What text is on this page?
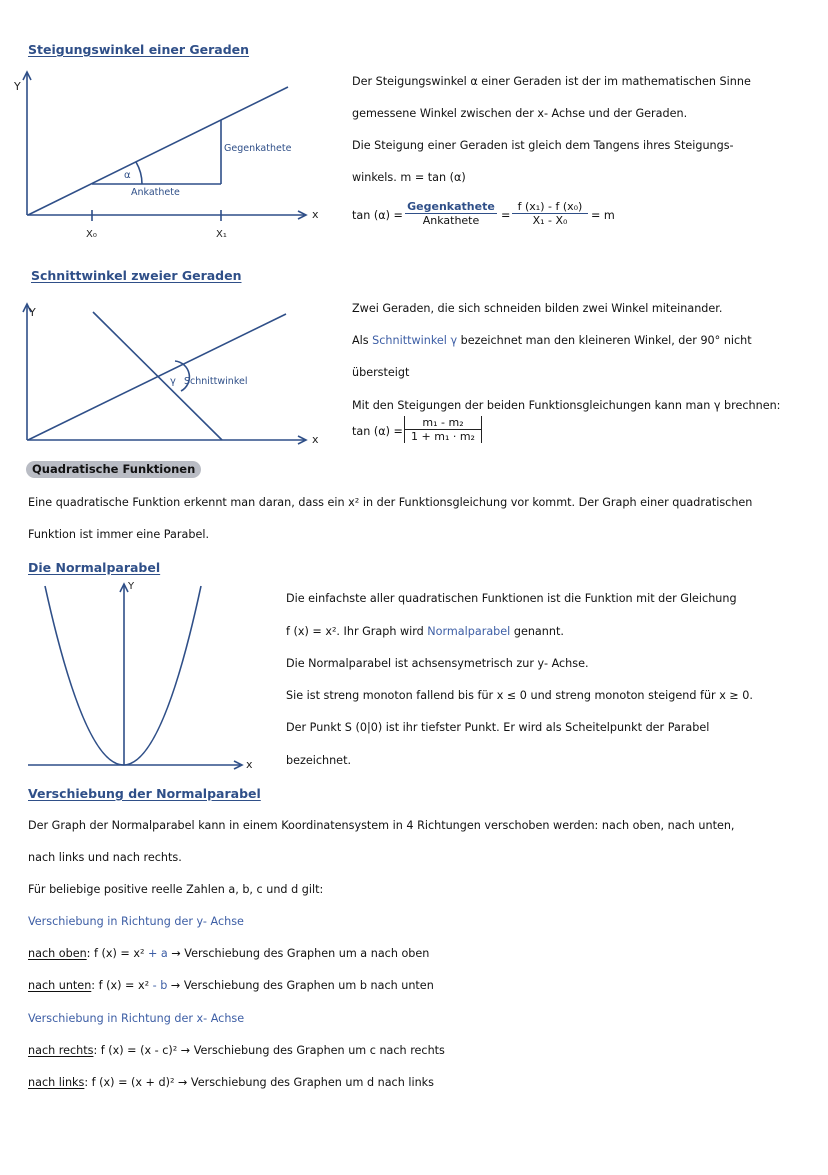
Steigungswinkel einer Geraden
Y
x
α
Gegenkathete
Ankathete
X₀	X₁
Der Steigungswinkel α einer Geraden ist der im mathematischen Sinne
gemessene Winkel zwischen der x- Achse und der Geraden.
Die Steigung einer Geraden ist gleich dem Tangens ihres Steigungs-
winkels. m = tan (α)
tan (α) =
Gegenkathete
Ankathete	= $\frac{\text{f (x₁) - f (x₀)}}{\text{X₁ - X₀}} = m$
Schnittwinkel zweier Geraden
Y
x
γ Schnittwinkel
Zwei Geraden, die sich schneiden bilden zwei Winkel miteinander.
Als Schnittwinkel γ bezeichnet man den kleineren Winkel, der 90° nicht
übersteigt
Mit den Steigungen der beiden Funktionsgleichungen kann man γ brechnen:
$\tan (\alpha) = \frac{\text{m₁ - m₂}}{\text{1 + m₁ · m₂}}$
Quadratische Funktionen
Eine quadratische Funktion erkennt man daran, dass ein x² in der Funktionsgleichung vor kommt. Der Graph einer quadratischen
Funktion ist immer eine Parabel.
Die Normalparabel
Y
x
Die einfachste aller quadratischen Funktionen ist die Funktion mit der Gleichung
f (x) = x². Ihr Graph wird Normalparabel genannt.
Die Normalparabel ist achsensymetrisch zur y- Achse.
Sie ist streng monoton fallend bis für x ≤ 0 und streng monoton steigend für x ≥ 0.
Der Punkt S (0|0) ist ihr tiefster Punkt. Er wird als Scheitelpunkt der Parabel
bezeichnet.
Verschiebung der Normalparabel
Der Graph der Normalparabel kann in einem Koordinatensystem in 4 Richtungen verschoben werden: nach oben, nach unten,
nach links und nach rechts.
Für beliebige positive reelle Zahlen a, b, c und d gilt:
Verschiebung in Richtung der y- Achse
nach oben: f (x) = x² + a → Verschiebung des Graphen um a nach oben
nach unten: f (x) = x² - b → Verschiebung des Graphen um b nach unten
Verschiebung in Richtung der x- Achse
nach rechts: f (x) = (x - c)² → Verschiebung des Graphen um c nach rechts
nach links: f (x) = (x + d)² → Verschiebung des Graphen um d nach links
